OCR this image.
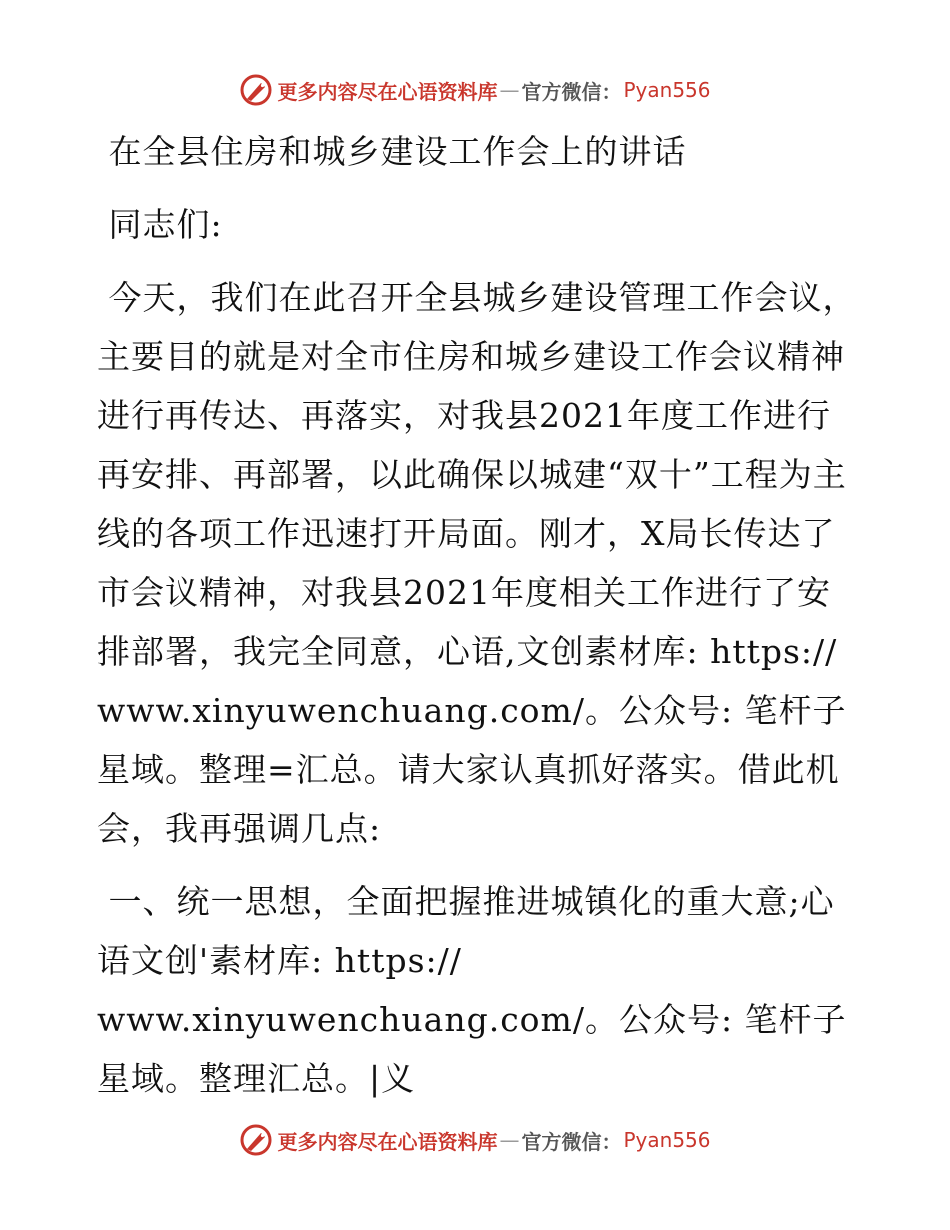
更多内容尽在心语资料库 — 官方微信： Pyan556

在全县住房和城乡建设工作会上的讲话

同志们:

今天，我们在此召开全县城乡建设管理工作会议，主要目的就是对全市住房和城乡建设工作会议精神进行再传达、再落实，对我县2021年度工作进行再安排、再部署，以此确保以城建“双十”工程为主线的各项工作迅速打开局面。刚才，X局长传达了市会议精神，对我县2021年度相关工作进行了安排部署，我完全同意，心语,文创素材库: https://www.xinyuwenchuang.com/。公众号: 笔杆子星域。整理=汇总。请大家认真抓好落实。借此机会，我再强调几点:

一、统一思想，全面把握推进城镇化的重大意;心语文创'素材库: https://
www.xinyuwenchuang.com/。公众号: 笔杆子星域。整理汇总。|义

更多内容尽在心语资料库 — 官方微信： Pyan556
